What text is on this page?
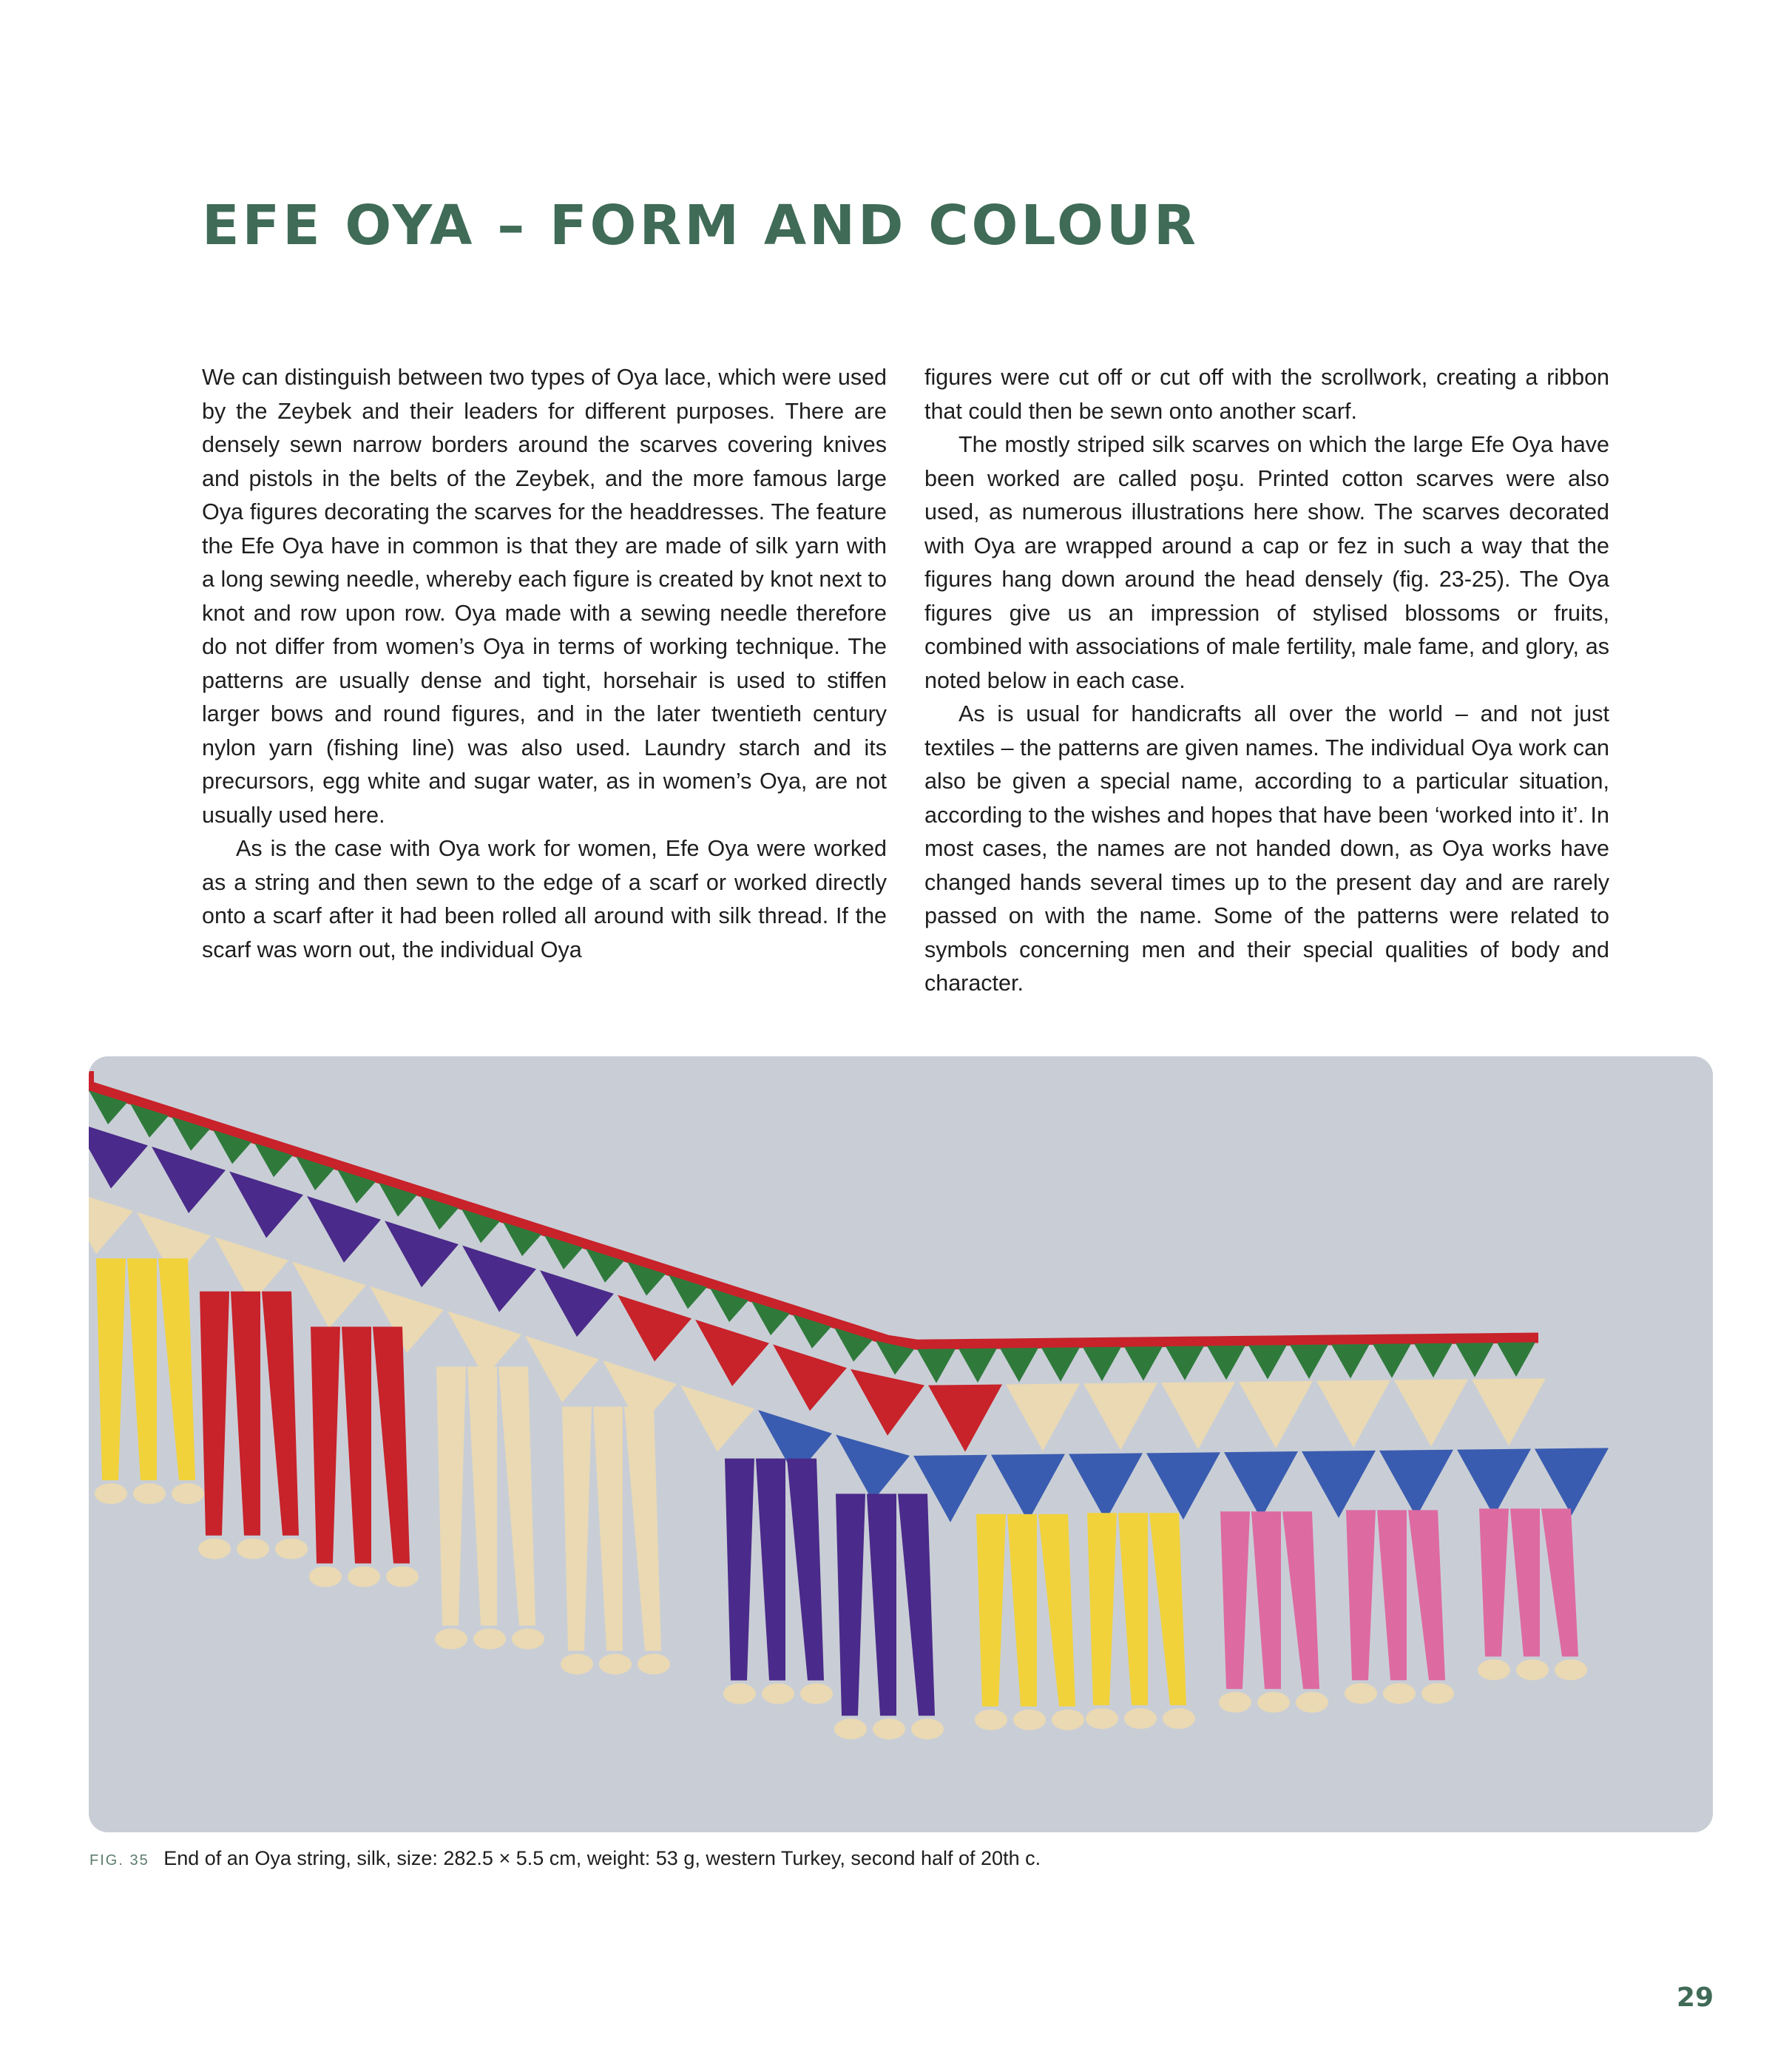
EFE OYA – FORM AND COLOUR

We can distinguish between two types of Oya lace, which were used by the Zeybek and their leaders for different purposes. There are densely sewn narrow borders around the scarves covering knives and pistols in the belts of the Zeybek, and the more famous large Oya figures decorating the scarves for the headdresses. The feature the Efe Oya have in common is that they are made of silk yarn with a long sewing needle, whereby each figure is created by knot next to knot and row upon row. Oya made with a sewing needle therefore do not differ from women’s Oya in terms of working technique. The patterns are usually dense and tight, horsehair is used to stiffen larger bows and round figures, and in the later twentieth century nylon yarn (fishing line) was also used. Laundry starch and its precursors, egg white and sugar water, as in women’s Oya, are not usually used here.

As is the case with Oya work for women, Efe Oya were worked as a string and then sewn to the edge of a scarf or worked directly onto a scarf after it had been rolled all around with silk thread. If the scarf was worn out, the individual Oya

figures were cut off or cut off with the scrollwork, creating a ribbon that could then be sewn onto another scarf.

The mostly striped silk scarves on which the large Efe Oya have been worked are called poşu. Printed cotton scarves were also used, as numerous illustrations here show. The scarves decorated with Oya are wrapped around a cap or fez in such a way that the figures hang down around the head densely (fig. 23-25). The Oya figures give us an impression of stylised blossoms or fruits, combined with associations of male fertility, male fame, and glory, as noted below in each case.

As is usual for handicrafts all over the world – and not just textiles – the patterns are given names. The individual Oya work can also be given a special name, according to a particular situation, according to the wishes and hopes that have been ‘worked into it’. In most cases, the names are not handed down, as Oya works have changed hands several times up to the present day and are rarely passed on with the name. Some of the patterns were related to symbols concerning men and their special qualities of body and character.

FIG. 35 End of an Oya string, silk, size: 282.5 × 5.5 cm, weight: 53 g, western Turkey, second half of 20th c.
29
